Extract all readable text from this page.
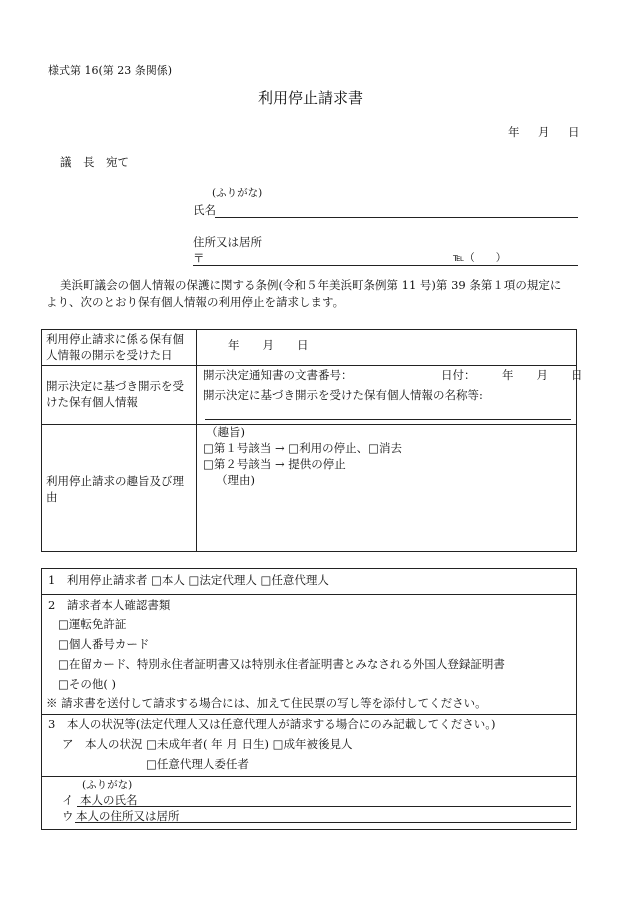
様式第 16(第 23 条関係)
利用停止請求書
年 月 日
議　長　宛て
(ふりがな)
氏名
住所又は居所
〒	℡（　　）
美浜町議会の個人情報の保護に関する条例(令和５年美浜町条例第 11 号)第 39 条第１項の規定に
より、次のとおり保有個人情報の利用停止を請求します。
利用停止請求に係る保有個
人情報の開示を受けた日
年　　月　　日
開示決定に基づき開示を受
けた保有個人情報
開示決定通知書の文書番号：	日付： 年　　月　　日
開示決定に基づき開示を受けた保有個人情報の名称等:
利用停止請求の趣旨及び理
由
（趣旨)
□第１号該当 → □利用の停止、□消去
□第２号該当 → 提供の停止
（理由)
1　利用停止請求者 □本人 □法定代理人 □任意代理人
2　請求者本人確認書類
□運転免許証
□個人番号カード
□在留カード、特別永住者証明書又は特別永住者証明書とみなされる外国人登録証明書
□その他( )
※ 請求書を送付して請求する場合には、加えて住民票の写し等を添付してください。
3　本人の状況等(法定代理人又は任意代理人が請求する場合にのみ記載してください。)
ア　本人の状況 □未成年者( 年 月 日生) □成年被後見人
□任意代理人委任者
(ふりがな)
イ 本人の氏名
ウ 本人の住所又は居所
